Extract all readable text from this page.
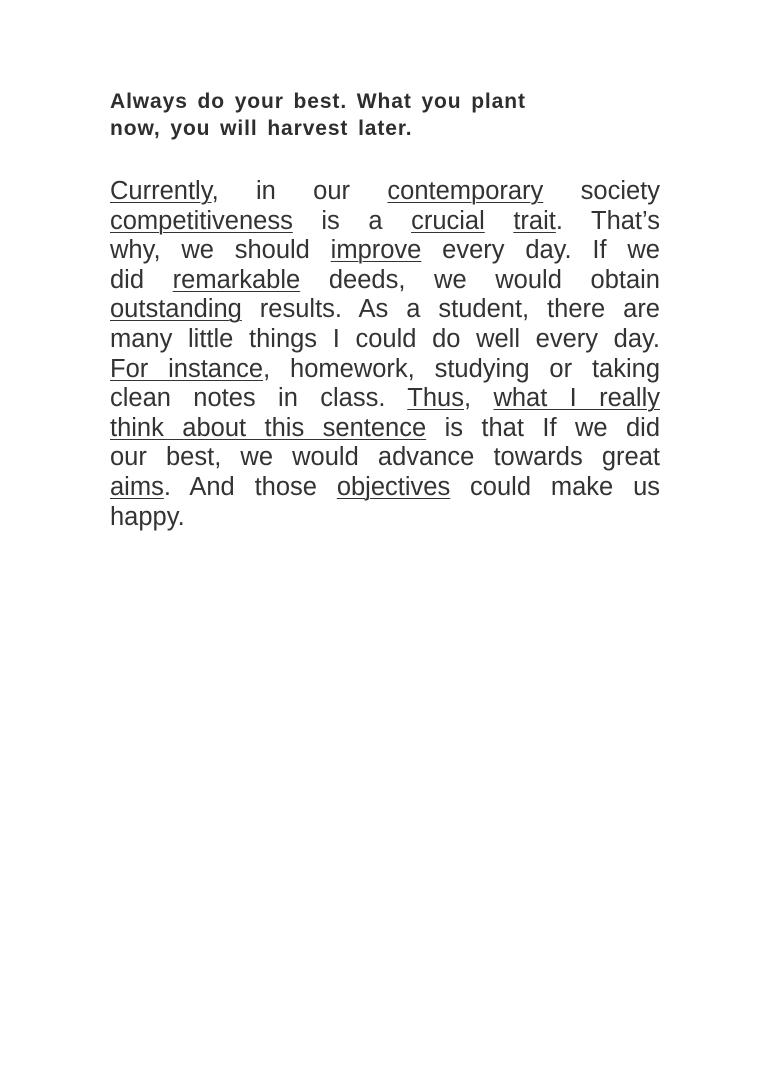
Always do your best. What you plant
now, you will harvest later.
Currently, in our contemporary society
competitiveness is a crucial trait. That’s
why, we should improve every day. If we
did remarkable deeds, we would obtain
outstanding results. As a student, there are
many little things I could do well every day.
For instance, homework, studying or taking
clean notes in class. Thus, what I really
think about this sentence is that If we did
our best, we would advance towards great
aims. And those objectives could make us
happy.
